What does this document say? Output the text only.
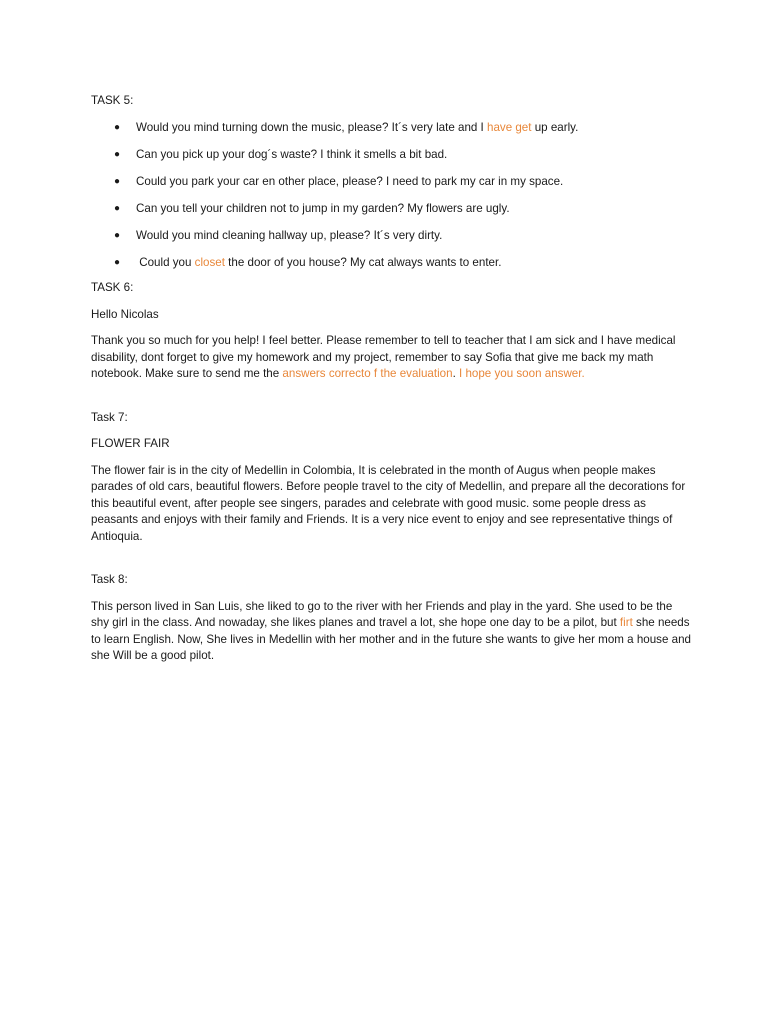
TASK 5:

● Would you mind turning down the music, please? It´s very late and I have get up early.
● Can you pick up your dog´s waste? I think it smells a bit bad.
● Could you park your car en other place, please? I need to park my car in my space.
● Can you tell your children not to jump in my garden? My flowers are ugly.
● Would you mind cleaning hallway up, please? It´s very dirty.
● Could you closet the door of you house? My cat always wants to enter.

TASK 6:

Hello Nicolas

Thank you so much for you help! I feel better. Please remember to tell to teacher that I am sick and I have medical disability, dont forget to give my homework and my project, remember to say Sofia that give me back my math notebook. Make sure to send me the answers correcto f the evaluation. I hope you soon answer.

Task 7:

FLOWER FAIR

The flower fair is in the city of Medellin in Colombia, It is celebrated in the month of Augus when people makes parades of old cars, beautiful flowers. Before people travel to the city of Medellin, and prepare all the decorations for this beautiful event, after people see singers, parades and celebrate with good music. some people dress as peasants and enjoys with their family and Friends. It is a very nice event to enjoy and see representative things of Antioquia.

Task 8:

This person lived in San Luis, she liked to go to the river with her Friends and play in the yard. She used to be the shy girl in the class. And nowaday, she likes planes and travel a lot, she hope one day to be a pilot, but firt she needs to learn English. Now, She lives in Medellin with her mother and in the future she wants to give her mom a house and she Will be a good pilot.
